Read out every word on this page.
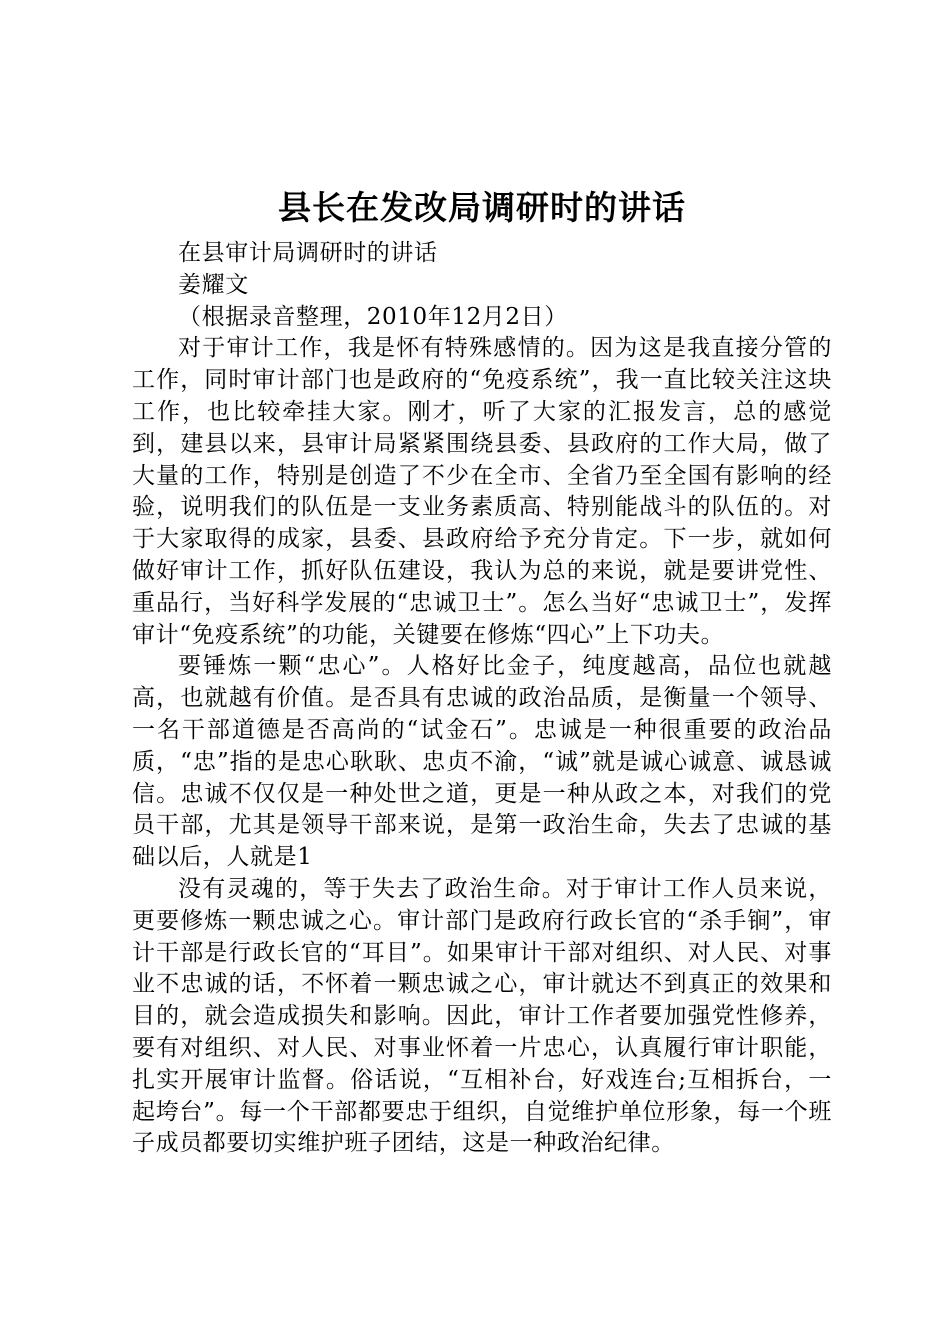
县长在发改局调研时的讲话

在县审计局调研时的讲话

姜耀文

（根据录音整理，2010年12月2日）

对于审计工作，我是怀有特殊感情的。因为这是我直接分管的工作，同时审计部门也是政府的“免疫系统”，我一直比较关注这块工作，也比较牵挂大家。刚才，听了大家的汇报发言，总的感觉到，建县以来，县审计局紧紧围绕县委、县政府的工作大局，做了大量的工作，特别是创造了不少在全市、全省乃至全国有影响的经验，说明我们的队伍是一支业务素质高、特别能战斗的队伍的。对于大家取得的成家，县委、县政府给予充分肯定。下一步，就如何做好审计工作，抓好队伍建设，我认为总的来说，就是要讲党性、重品行，当好科学发展的“忠诚卫士”。怎么当好“忠诚卫士”，发挥审计“免疫系统”的功能，关键要在修炼“四心”上下功夫。

要锤炼一颗“忠心”。人格好比金子，纯度越高，品位也就越高，也就越有价值。是否具有忠诚的政治品质，是衡量一个领导、一名干部道德是否高尚的“试金石”。忠诚是一种很重要的政治品质，“忠”指的是忠心耿耿、忠贞不渝，“诚”就是诚心诚意、诚恳诚信。忠诚不仅仅是一种处世之道，更是一种从政之本，对我们的党员干部，尤其是领导干部来说，是第一政治生命，失去了忠诚的基础以后，人就是1

没有灵魂的，等于失去了政治生命。对于审计工作人员来说，更要修炼一颗忠诚之心。审计部门是政府行政长官的“杀手锏”，审计干部是行政长官的“耳目”。如果审计干部对组织、对人民、对事业不忠诚的话，不怀着一颗忠诚之心，审计就达不到真正的效果和目的，就会造成损失和影响。因此，审计工作者要加强党性修养，要有对组织、对人民、对事业怀着一片忠心，认真履行审计职能，扎实开展审计监督。俗话说，“互相补台，好戏连台;互相拆台，一起垮台”。每一个干部都要忠于组织，自觉维护单位形象，每一个班子成员都要切实维护班子团结，这是一种政治纪律。
